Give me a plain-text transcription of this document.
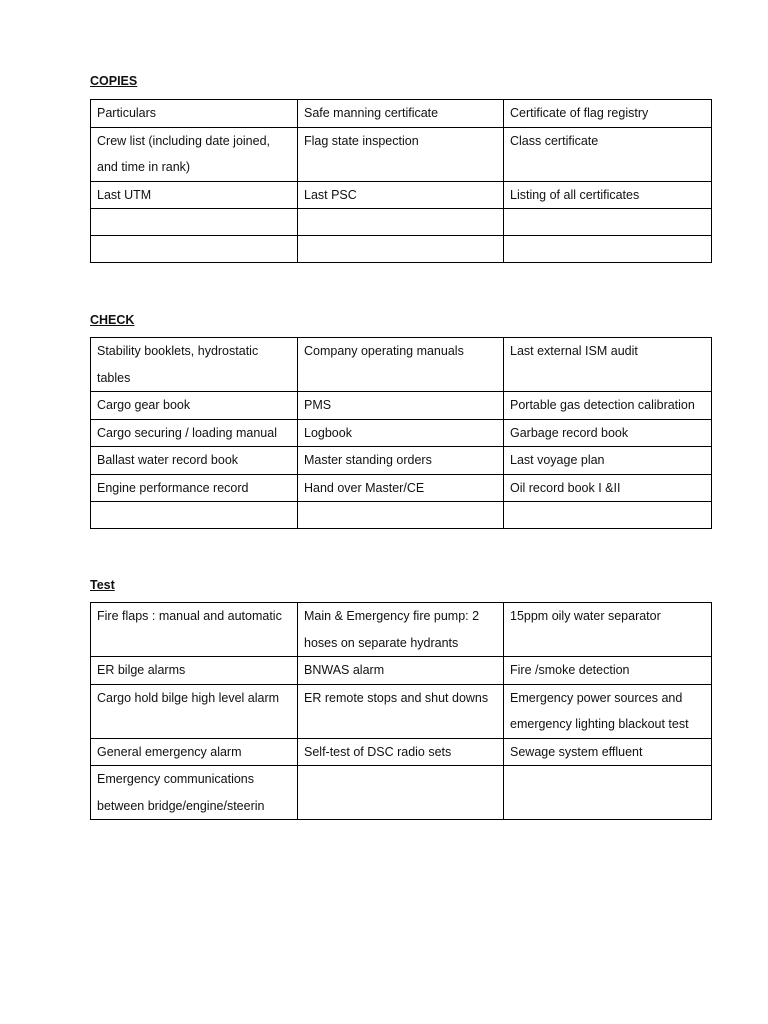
COPIES
Particulars	Safe manning certificate	Certificate of flag registry
Crew list (including date joined, and time in rank)	Flag state inspection	Class certificate
Last UTM	Last PSC	Listing of all certificates

CHECK
Stability booklets, hydrostatic tables	Company operating manuals	Last external ISM audit
Cargo gear book	PMS	Portable gas detection calibration
Cargo securing / loading manual	Logbook	Garbage record book
Ballast water record book	Master standing orders	Last voyage plan
Engine performance record	Hand over Master/CE	Oil record book I &II

Test
Fire flaps : manual and automatic	Main & Emergency fire pump: 2 hoses on separate hydrants	15ppm oily water separator
ER bilge alarms	BNWAS alarm	Fire /smoke detection
Cargo hold bilge high level alarm	ER remote stops and shut downs	Emergency power sources and emergency lighting blackout test
General emergency alarm	Self-test of DSC radio sets	Sewage system effluent
Emergency communications between bridge/engine/steerin		
